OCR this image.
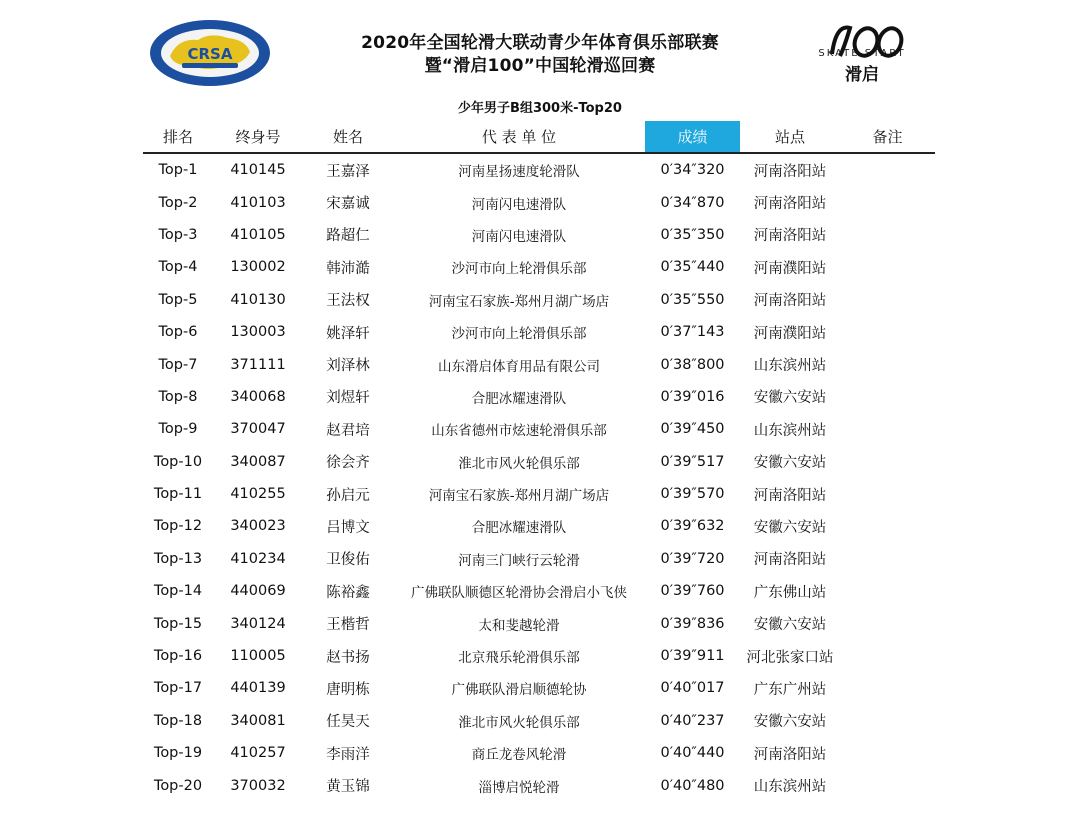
CRSA
2020年全国轮滑大联动青少年体育俱乐部联赛
暨“滑启100”中国轮滑巡回赛
SKATE START
滑启
少年男子B组300米-Top20
排名	终身号	姓名	代 表 单 位	成绩	站点	备注
Top-1	410145	王嘉泽	河南星扬速度轮滑队	0′34″320	河南洛阳站	
Top-2	410103	宋嘉诚	河南闪电速滑队	0′34″870	河南洛阳站	
Top-3	410105	路超仁	河南闪电速滑队	0′35″350	河南洛阳站	
Top-4	130002	韩沛澔	沙河市向上轮滑俱乐部	0′35″440	河南濮阳站	
Top-5	410130	王法权	河南宝石家族-郑州月湖广场店	0′35″550	河南洛阳站	
Top-6	130003	姚泽轩	沙河市向上轮滑俱乐部	0′37″143	河南濮阳站	
Top-7	371111	刘泽林	山东滑启体育用品有限公司	0′38″800	山东滨州站	
Top-8	340068	刘煜轩	合肥冰耀速滑队	0′39″016	安徽六安站	
Top-9	370047	赵君培	山东省德州市炫速轮滑俱乐部	0′39″450	山东滨州站	
Top-10	340087	徐会齐	淮北市风火轮俱乐部	0′39″517	安徽六安站	
Top-11	410255	孙启元	河南宝石家族-郑州月湖广场店	0′39″570	河南洛阳站	
Top-12	340023	吕博文	合肥冰耀速滑队	0′39″632	安徽六安站	
Top-13	410234	卫俊佑	河南三门峡行云轮滑	0′39″720	河南洛阳站	
Top-14	440069	陈裕鑫	广佛联队顺德区轮滑协会滑启小飞侠	0′39″760	广东佛山站	
Top-15	340124	王楷哲	太和斐越轮滑	0′39″836	安徽六安站	
Top-16	110005	赵书扬	北京飛乐轮滑俱乐部	0′39″911	河北张家口站	
Top-17	440139	唐明栋	广佛联队滑启顺德轮协	0′40″017	广东广州站	
Top-18	340081	任昊天	淮北市风火轮俱乐部	0′40″237	安徽六安站	
Top-19	410257	李雨洋	商丘龙卷风轮滑	0′40″440	河南洛阳站	
Top-20	370032	黄玉锦	淄博启悦轮滑	0′40″480	山东滨州站	
